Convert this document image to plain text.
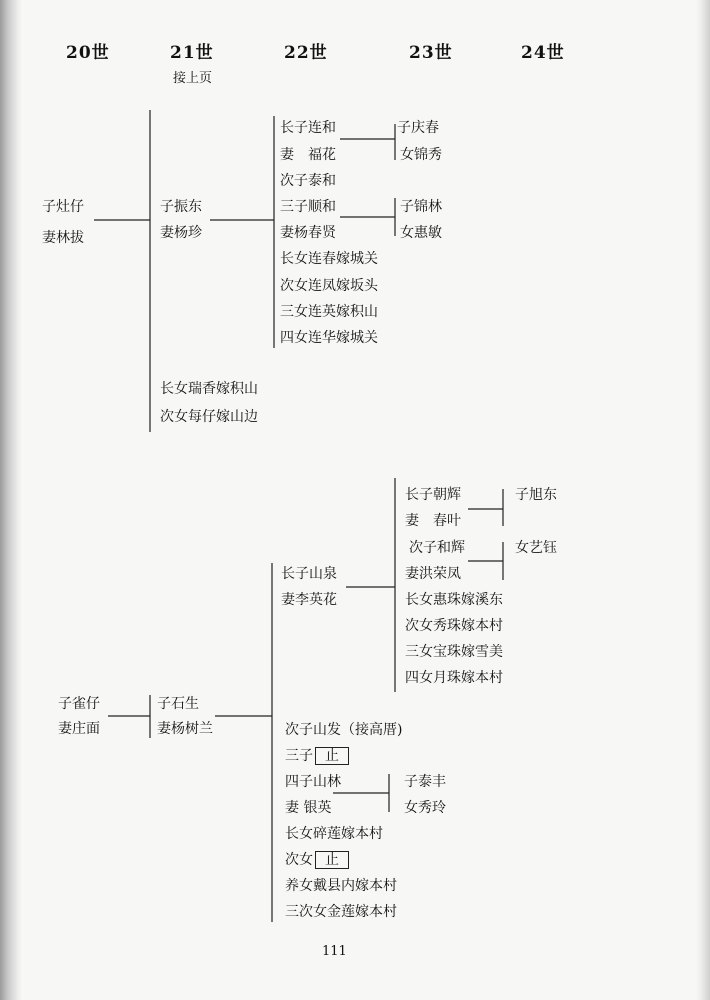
20世	21世	22世	23世	24世
接上页
子灶仔
妻林拔
子振东
妻杨珍
长女瑞香嫁积山
次女每仔嫁山边
长子连和
妻　福花
次子泰和
三子顺和
妻杨春贤
长女连春嫁城关
次女连凤嫁坂头
三女连英嫁积山
四女连华嫁城关
子庆春
女锦秀
子锦林
女惠敏
子雀仔
妻庄面
子石生
妻杨树兰
长子山泉
妻李英花
次子山发（接高厝)
三子 止
四子山林
妻 银英
长女碎莲嫁本村
次女 止
养女戴县内嫁本村
三次女金莲嫁本村
长子朝辉
妻　春叶
次子和辉
妻洪荣凤
长女惠珠嫁溪东
次女秀珠嫁本村
三女宝珠嫁雪美
四女月珠嫁本村
子泰丰
女秀玲
子旭东
女艺钰
111
